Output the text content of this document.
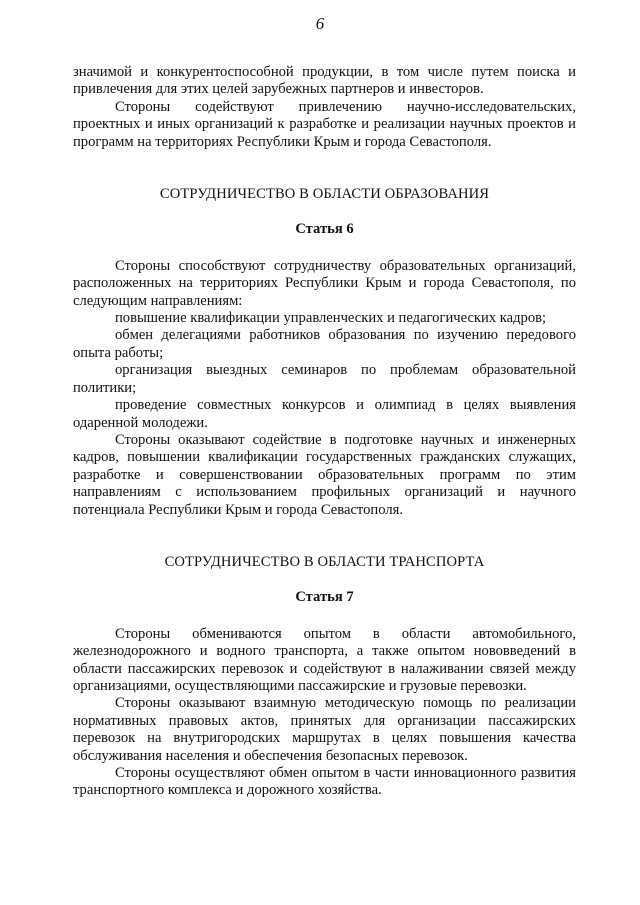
6

значимой и конкурентоспособной продукции, в том числе путем поиска и привлечения для этих целей зарубежных партнеров и инвесторов.

Стороны содействуют привлечению научно-исследовательских, проектных и иных организаций к разработке и реализации научных проектов и программ на территориях Республики Крым и города Севастополя.

СОТРУДНИЧЕСТВО В ОБЛАСТИ ОБРАЗОВАНИЯ

Статья 6

Стороны способствуют сотрудничеству образовательных организаций, расположенных на территориях Республики Крым и города Севастополя, по следующим направлениям:

повышение квалификации управленческих и педагогических кадров;

обмен делегациями работников образования по изучению передового опыта работы;

организация выездных семинаров по проблемам образовательной политики;

проведение совместных конкурсов и олимпиад в целях выявления одаренной молодежи.

Стороны оказывают содействие в подготовке научных и инженерных кадров, повышении квалификации государственных гражданских служащих, разработке и совершенствовании образовательных программ по этим направлениям с использованием профильных организаций и научного потенциала Республики Крым и города Севастополя.

СОТРУДНИЧЕСТВО В ОБЛАСТИ ТРАНСПОРТА

Статья 7

Стороны обмениваются опытом в области автомобильного, железнодорожного и водного транспорта, а также опытом нововведений в области пассажирских перевозок и содействуют в налаживании связей между организациями, осуществляющими пассажирские и грузовые перевозки.

Стороны оказывают взаимную методическую помощь по реализации нормативных правовых актов, принятых для организации пассажирских перевозок на внутригородских маршрутах в целях повышения качества обслуживания населения и обеспечения безопасных перевозок.

Стороны осуществляют обмен опытом в части инновационного развития транспортного комплекса и дорожного хозяйства.
